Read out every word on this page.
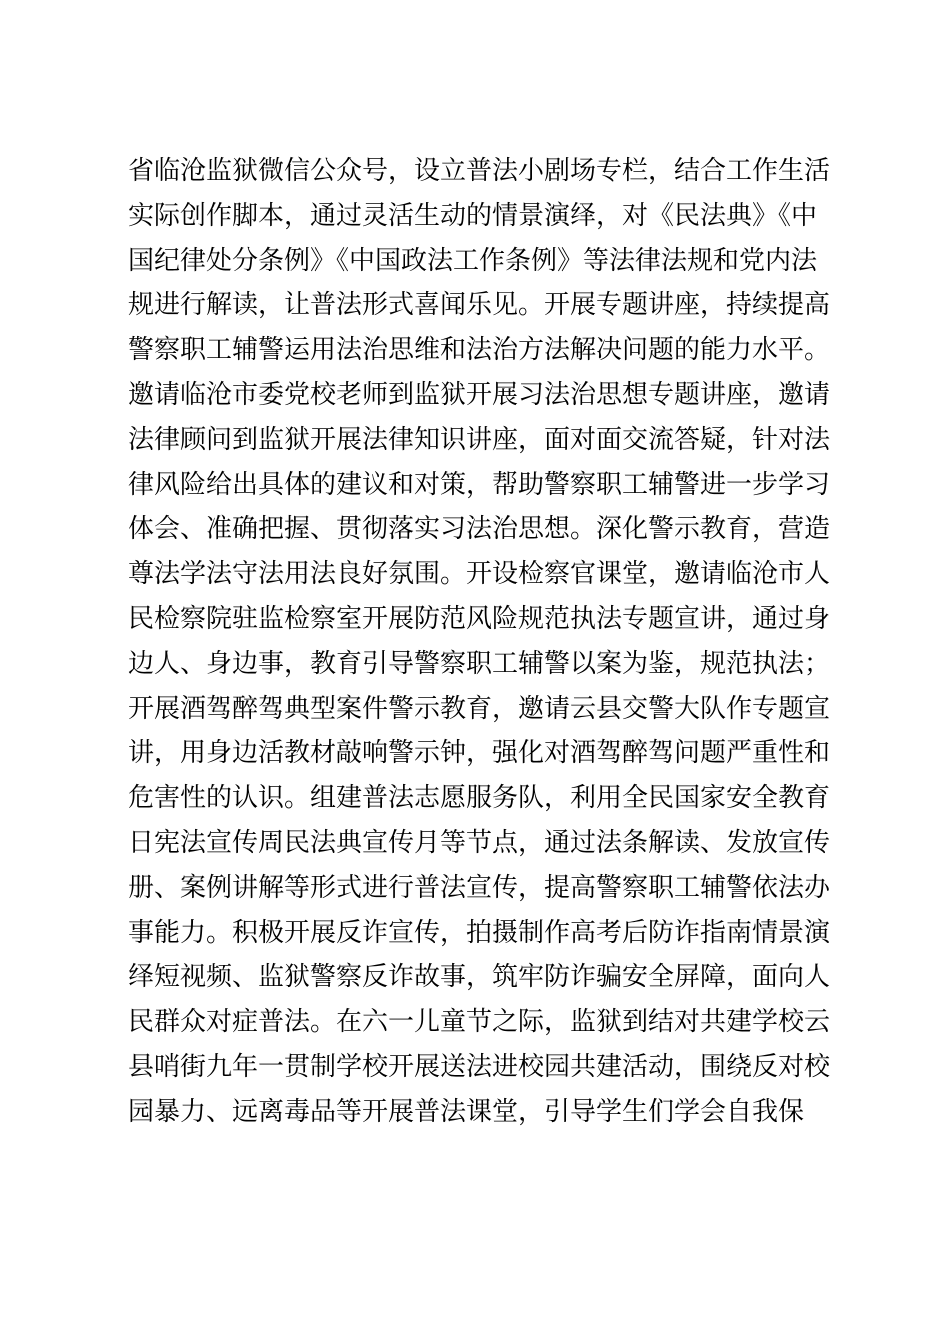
省临沧监狱微信公众号，设立普法小剧场专栏，结合工作生活
实际创作脚本，通过灵活生动的情景演绎，对《民法典》《中
国纪律处分条例》《中国政法工作条例》等法律法规和党内法
规进行解读，让普法形式喜闻乐见。开展专题讲座，持续提高
警察职工辅警运用法治思维和法治方法解决问题的能力水平。
邀请临沧市委党校老师到监狱开展习法治思想专题讲座，邀请
法律顾问到监狱开展法律知识讲座，面对面交流答疑，针对法
律风险给出具体的建议和对策，帮助警察职工辅警进一步学习
体会、准确把握、贯彻落实习法治思想。深化警示教育，营造
尊法学法守法用法良好氛围。开设检察官课堂，邀请临沧市人
民检察院驻监检察室开展防范风险规范执法专题宣讲，通过身
边人、身边事，教育引导警察职工辅警以案为鉴，规范执法；
开展酒驾醉驾典型案件警示教育，邀请云县交警大队作专题宣
讲，用身边活教材敲响警示钟，强化对酒驾醉驾问题严重性和
危害性的认识。组建普法志愿服务队，利用全民国家安全教育
日宪法宣传周民法典宣传月等节点，通过法条解读、发放宣传
册、案例讲解等形式进行普法宣传，提高警察职工辅警依法办
事能力。积极开展反诈宣传，拍摄制作高考后防诈指南情景演
绎短视频、监狱警察反诈故事，筑牢防诈骗安全屏障，面向人
民群众对症普法。在六一儿童节之际，监狱到结对共建学校云
县哨街九年一贯制学校开展送法进校园共建活动，围绕反对校
园暴力、远离毒品等开展普法课堂，引导学生们学会自我保
